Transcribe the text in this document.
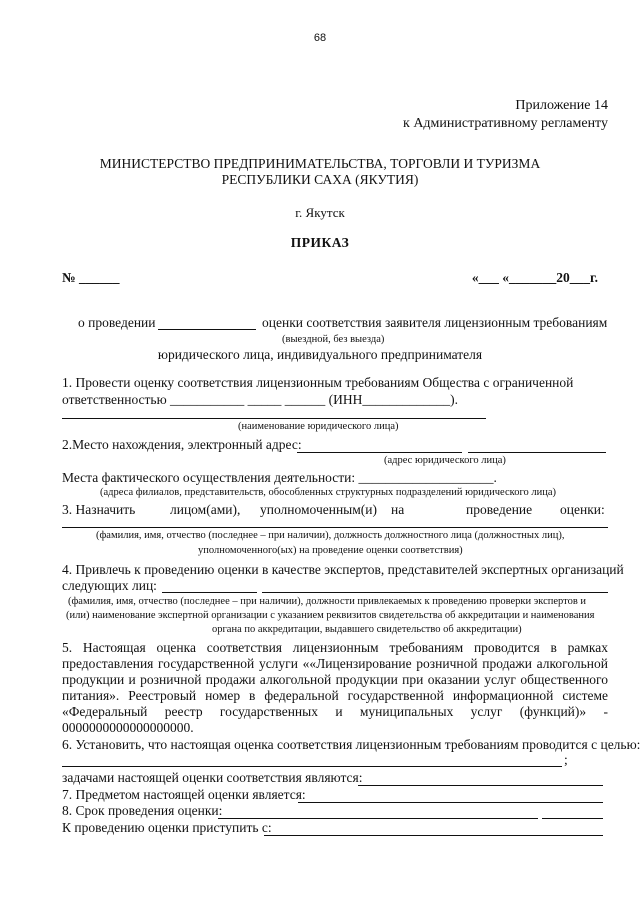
68
Приложение 14
к Административному регламенту
МИНИСТЕРСТВО ПРЕДПРИНИМАТЕЛЬСТВА, ТОРГОВЛИ И ТУРИЗМА РЕСПУБЛИКИ САХА (ЯКУТИЯ)
г. Якутск
ПРИКАЗ
№ ______	«___ «_______20___г.
о проведении	оценки соответствия заявителя лицензионным требованиям
(выездной, без выезда)
юридического лица, индивидуального предпринимателя
1. Провести оценку соответствия лицензионным требованиям Общества с ограниченной
ответственностью ___________ _____ ______ (ИНН_____________).
(наименование юридического лица)
2.Место нахождения, электронный адрес:
(адрес юридического лица)
Места фактического осуществления деятельности: ____________________.
(адреса филиалов, представительств, обособленных структурных подразделений юридического лица)
3. Назначить	лицом(ами), уполномоченным(и) на	проведение оценки:
(фамилия, имя, отчество (последнее – при наличии), должность должностного лица (должностных лиц),
уполномоченного(ых) на проведение оценки соответствия)
4. Привлечь к проведению оценки в качестве экспертов, представителей экспертных организаций
следующих лиц:
(фамилия, имя, отчество (последнее – при наличии), должности привлекаемых к проведению проверки экспертов и
(или) наименование экспертной организации с указанием реквизитов свидетельства об аккредитации и наименования
органа по аккредитации, выдавшего свидетельство об аккредитации)
5. Настоящая оценка соответствия лицензионным требованиям проводится в рамках
предоставления государственной услуги ««Лицензирование розничной продажи алкогольной
продукции и розничной продажи алкогольной продукции при оказании услуг общественного
питания». Реестровый номер в федеральной государственной информационной системе
«Федеральный реестр государственных и муниципальных услуг (функций)» -
0000000000000000000.
6. Установить, что настоящая оценка соответствия лицензионным требованиям проводится с целью:
;
задачами настоящей оценки соответствия являются:
7. Предметом настоящей оценки является:
8. Срок проведения оценки:
К проведению оценки приступить с:
